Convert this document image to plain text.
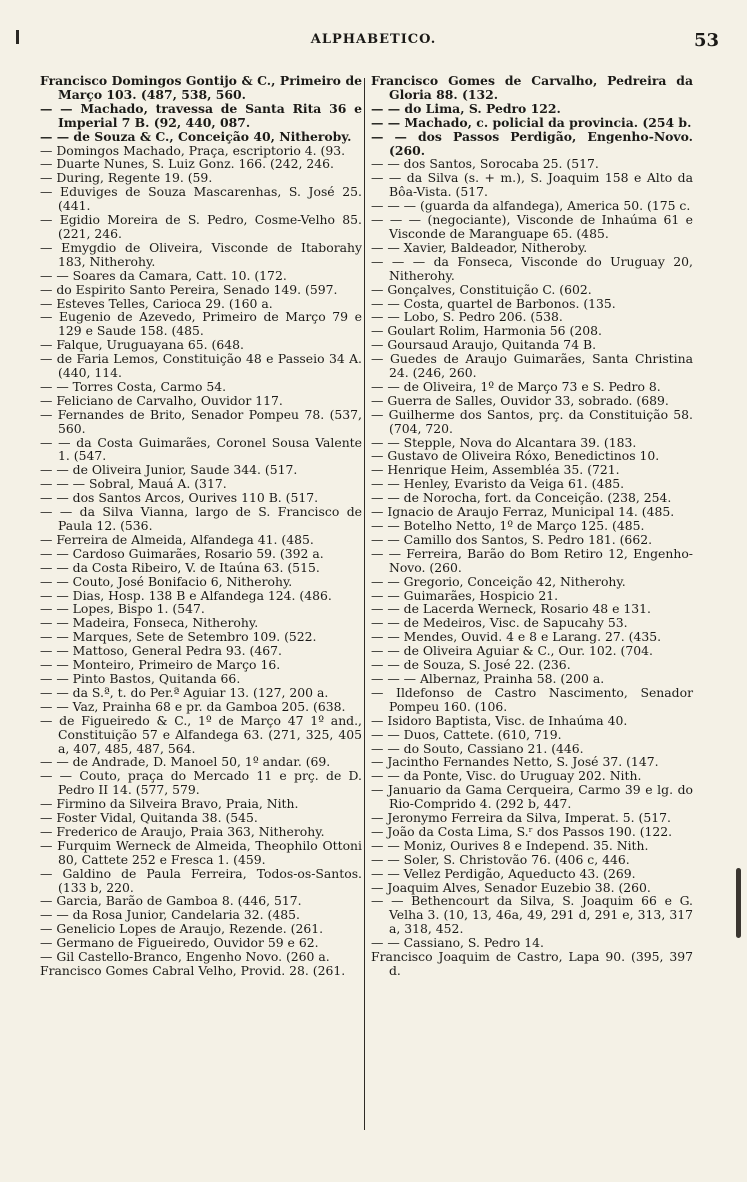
ALPHABETICO.	53
Francisco Domingos Gontijo & C., Primeiro de Março 103. (487, 538, 560.
— — Machado, travessa de Santa Rita 36 e Imperial 7 B. (92, 440, 087.
— — de Souza & C., Conceição 40, Nitheroby.
— Domingos Machado, Praça, escriptorio 4. (93.
— Duarte Nunes, S. Luiz Gonz. 166. (242, 246.
— During, Regente 19. (59.
— Eduviges de Souza Mascarenhas, S. José 25. (441.
— Egidio Moreira de S. Pedro, Cosme-Velho 85. (221, 246.
— Emygdio de Oliveira, Visconde de Itaborahy 183, Nitherohy.
— — Soares da Camara, Catt. 10. (172.
— do Espirito Santo Pereira, Senado 149. (597.
— Esteves Telles, Carioca 29. (160 a.
— Eugenio de Azevedo, Primeiro de Março 79 e 129 e Saude 158. (485.
— Falque, Uruguayana 65. (648.
— de Faria Lemos, Constituição 48 e Passeio 34 A. (440, 114.
— — Torres Costa, Carmo 54.
— Feliciano de Carvalho, Ouvidor 117.
— Fernandes de Brito, Senador Pompeu 78. (537, 560.
— — da Costa Guimarães, Coronel Sousa Valente 1. (547.
— — de Oliveira Junior, Saude 344. (517.
— — — Sobral, Mauá A. (317.
— — dos Santos Arcos, Ourives 110 B. (517.
— — da Silva Vianna, largo de S. Francisco de Paula 12. (536.
— Ferreira de Almeida, Alfandega 41. (485.
— — Cardoso Guimarães, Rosario 59. (392 a.
— — da Costa Ribeiro, V. de Itaúna 63. (515.
— — Couto, José Bonifacio 6, Nitherohy.
— — Dias, Hosp. 138 B e Alfandega 124. (486.
— — Lopes, Bispo 1. (547.
— — Madeira, Fonseca, Nitherohy.
— — Marques, Sete de Setembro 109. (522.
— — Mattoso, General Pedra 93. (467.
— — Monteiro, Primeiro de Março 16.
— — Pinto Bastos, Quitanda 66.
— — da S.ª, t. do Per.ª Aguiar 13. (127, 200 a.
— — Vaz, Prainha 68 e pr. da Gamboa 205. (638.
— de Figueiredo & C., 1º de Março 47 1º and., Constituição 57 e Alfandega 63. (271, 325, 405 a, 407, 485, 487, 564.
— — de Andrade, D. Manoel 50, 1º andar. (69.
— — Couto, praça do Mercado 11 e prç. de D. Pedro II 14. (577, 579.
— Firmino da Silveira Bravo, Praia, Nith.
— Foster Vidal, Quitanda 38. (545.
— Frederico de Araujo, Praia 363, Nitherohy.
— Furquim Werneck de Almeida, Theophilo Ottoni 80, Cattete 252 e Fresca 1. (459.
— Galdino de Paula Ferreira, Todos-os-Santos. (133 b, 220.
— Garcia, Barão de Gamboa 8. (446, 517.
— — da Rosa Junior, Candelaria 32. (485.
— Genelicio Lopes de Araujo, Rezende. (261.
— Germano de Figueiredo, Ouvidor 59 e 62.
— Gil Castello-Branco, Engenho Novo. (260 a.
Francisco Gomes Cabral Velho, Provid. 28. (261.
Francisco Gomes de Carvalho, Pedreira da Gloria 88. (132.
— — do Lima, S. Pedro 122.
— — Machado, c. policial da provincia. (254 b.
— — dos Passos Perdigão, Engenho-Novo. (260.
— — dos Santos, Sorocaba 25. (517.
— — da Silva (s. + m.), S. Joaquim 158 e Alto da Bôa-Vista. (517.
— — — (guarda da alfandega), America 50. (175 c.
— — — (negociante), Visconde de Inhaúma 61 e Visconde de Maranguape 65. (485.
— — Xavier, Baldeador, Nitheroby.
— — — da Fonseca, Visconde do Uruguay 20, Nitherohy.
— Gonçalves, Constituição C. (602.
— — Costa, quartel de Barbonos. (135.
— — Lobo, S. Pedro 206. (538.
— Goulart Rolim, Harmonia 56 (208.
— Goursaud Araujo, Quitanda 74 B.
— Guedes de Araujo Guimarães, Santa Christina 24. (246, 260.
— — de Oliveira, 1º de Março 73 e S. Pedro 8.
— Guerra de Salles, Ouvidor 33, sobrado. (689.
— Guilherme dos Santos, prç. da Constituição 58. (704, 720.
— — Stepple, Nova do Alcantara 39. (183.
— Gustavo de Oliveira Róxo, Benedictinos 10.
— Henrique Heim, Assembléa 35. (721.
— — Henley, Evaristo da Veiga 61. (485.
— — de Norocha, fort. da Conceição. (238, 254.
— Ignacio de Araujo Ferraz, Municipal 14. (485.
— — Botelho Netto, 1º de Março 125. (485.
— — Camillo dos Santos, S. Pedro 181. (662.
— — Ferreira, Barão do Bom Retiro 12, Engenho-Novo. (260.
— — Gregorio, Conceição 42, Nitherohy.
— — Guimarães, Hospicio 21.
— — de Lacerda Werneck, Rosario 48 e 131.
— — de Medeiros, Visc. de Sapucahy 53.
— — Mendes, Ouvid. 4 e 8 e Larang. 27. (435.
— — de Oliveira Aguiar & C., Our. 102. (704.
— — de Souza, S. José 22. (236.
— — — Albernaz, Prainha 58. (200 a.
— Ildefonso de Castro Nascimento, Senador Pompeu 160. (106.
— Isidoro Baptista, Visc. de Inhaúma 40.
— — Duos, Cattete. (610, 719.
— — do Souto, Cassiano 21. (446.
— Jacintho Fernandes Netto, S. José 37. (147.
— — da Ponte, Visc. do Uruguay 202. Nith.
— Januario da Gama Cerqueira, Carmo 39 e lg. do Rio-Comprido 4. (292 b, 447.
— Jeronymo Ferreira da Silva, Imperat. 5. (517.
— João da Costa Lima, S.ʳ dos Passos 190. (122.
— — Moniz, Ourives 8 e Independ. 35. Nith.
— — Soler, S. Christovão 76. (406 c, 446.
— — Vellez Perdigão, Aqueducto 43. (269.
— Joaquim Alves, Senador Euzebio 38. (260.
— — Bethencourt da Silva, S. Joaquim 66 e G. Velha 3. (10, 13, 46a, 49, 291 d, 291 e, 313, 317 a, 318, 452.
— — Cassiano, S. Pedro 14.
Francisco Joaquim de Castro, Lapa 90. (395, 397 d.
